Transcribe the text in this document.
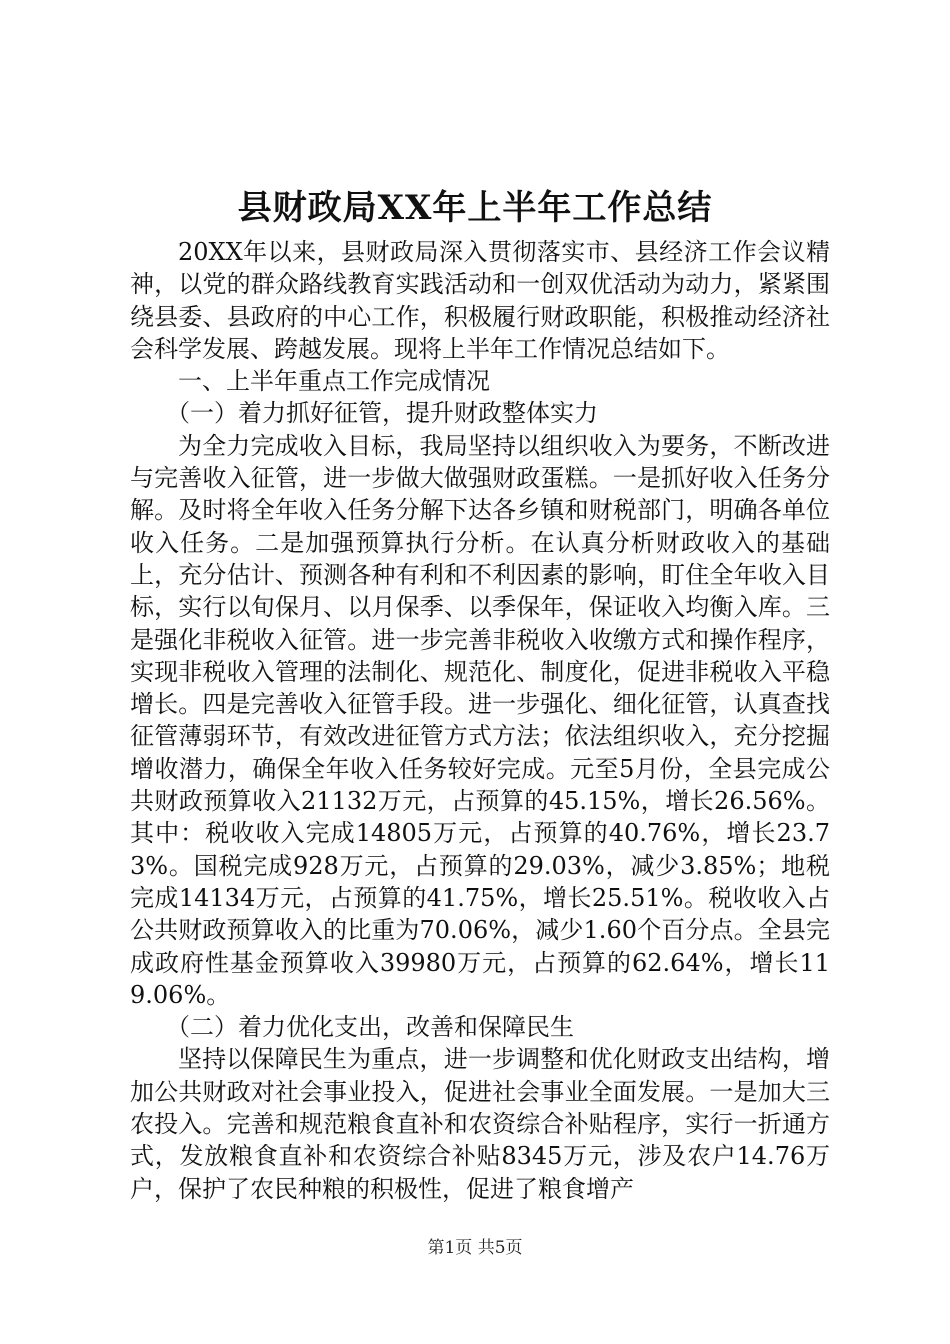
县财政局XX年上半年工作总结

20XX年以来，县财政局深入贯彻落实市、县经济工作会议精神，以党的群众路线教育实践活动和一创双优活动为动力，紧紧围绕县委、县政府的中心工作，积极履行财政职能，积极推动经济社会科学发展、跨越发展。现将上半年工作情况总结如下。

一、上半年重点工作完成情况

（一）着力抓好征管，提升财政整体实力

为全力完成收入目标，我局坚持以组织收入为要务，不断改进与完善收入征管，进一步做大做强财政蛋糕。一是抓好收入任务分解。及时将全年收入任务分解下达各乡镇和财税部门，明确各单位收入任务。二是加强预算执行分析。在认真分析财政收入的基础上，充分估计、预测各种有利和不利因素的影响，盯住全年收入目标，实行以旬保月、以月保季、以季保年，保证收入均衡入库。三是强化非税收入征管。进一步完善非税收入收缴方式和操作程序，实现非税收入管理的法制化、规范化、制度化，促进非税收入平稳增长。四是完善收入征管手段。进一步强化、细化征管，认真查找征管薄弱环节，有效改进征管方式方法；依法组织收入，充分挖掘增收潜力，确保全年收入任务较好完成。元至5月份，全县完成公共财政预算收入21132万元，占预算的45.15%，增长26.56%。其中：税收收入完成14805万元，占预算的40.76%，增长23.73%。国税完成928万元，占预算的29.03%，减少3.85%；地税完成14134万元，占预算的41.75%，增长25.51%。税收收入占公共财政预算收入的比重为70.06%，减少1.60个百分点。全县完成政府性基金预算收入39980万元，占预算的62.64%，增长119.06%。

（二）着力优化支出，改善和保障民生

坚持以保障民生为重点，进一步调整和优化财政支出结构，增加公共财政对社会事业投入，促进社会事业全面发展。一是加大三农投入。完善和规范粮食直补和农资综合补贴程序，实行一折通方式，发放粮食直补和农资综合补贴8345万元，涉及农户14.76万户，保护了农民种粮的积极性，促进了粮食增产

第1页 共5页
